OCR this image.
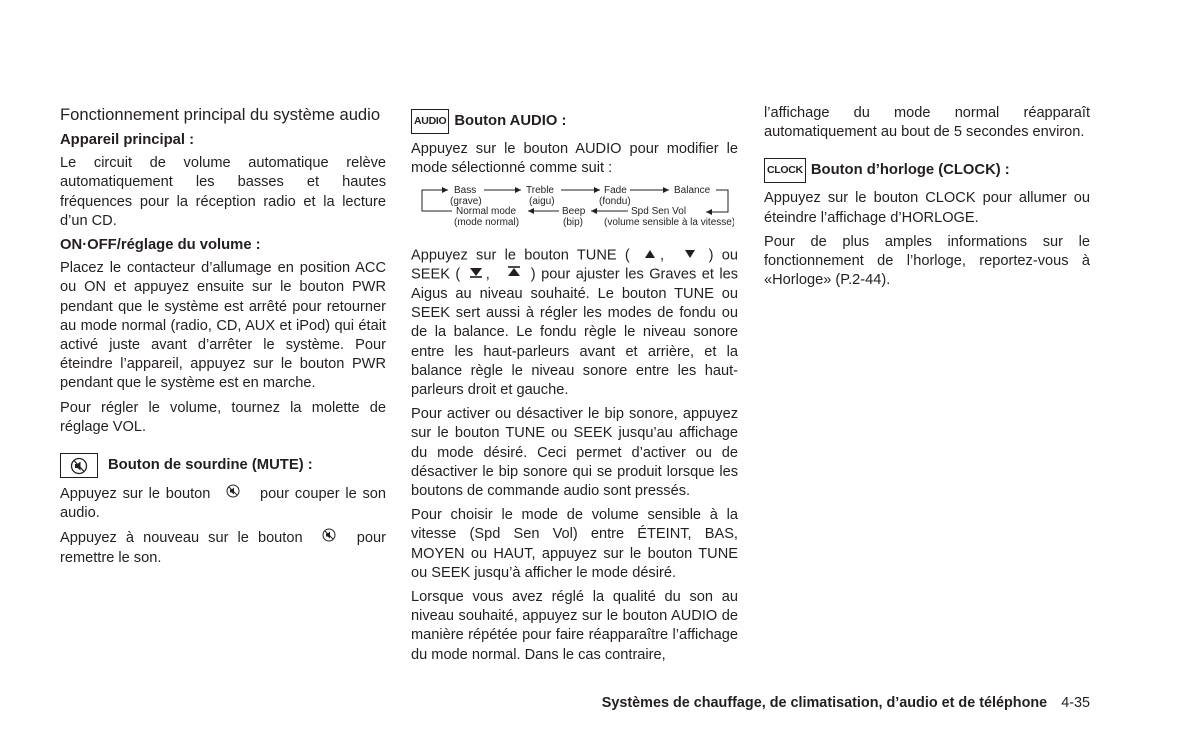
Fonctionnement principal du système audio
Appareil principal :

Le circuit de volume automatique relève automatiquement les basses et hautes fréquences pour la réception radio et la lecture d’un CD.

ON·OFF/réglage du volume :

Placez le contacteur d’allumage en position ACC ou ON et appuyez ensuite sur le bouton PWR pendant que le système est arrêté pour retourner au mode normal (radio, CD, AUX et iPod) qui était activé juste avant d’arrêter le système. Pour éteindre l’appareil, appuyez sur le bouton PWR pendant que le système est en marche.

Pour régler le volume, tournez la molette de réglage VOL.

Bouton de sourdine (MUTE) :

Appuyez sur le bouton	pour couper le son audio.

Appuyez à nouveau sur le bouton	pour remettre le son.

AUDIO Bouton AUDIO :

Appuyez sur le bouton AUDIO pour modifier le mode sélectionné comme suit :

Bass
(grave)
Treble
(aigu)
Fade
(fondu)
Balance
Normal mode
(mode normal)
Beep
(bip)
Spd Sen Vol
(volume sensible à la vitesse)

Appuyez sur le bouton TUNE ( ,	) ou SEEK ( ,	) pour ajuster les Graves et les Aigus au niveau souhaité. Le bouton TUNE ou SEEK sert aussi à régler les modes de fondu ou de la balance. Le fondu règle le niveau sonore entre les haut-parleurs avant et arrière, et la balance règle le niveau sonore entre les haut-parleurs droit et gauche.

Pour activer ou désactiver le bip sonore, appuyez sur le bouton TUNE ou SEEK jusqu’au affichage du mode désiré. Ceci permet d’activer ou de désactiver le bip sonore qui se produit lorsque les boutons de commande audio sont pressés.

Pour choisir le mode de volume sensible à la vitesse (Spd Sen Vol) entre ÉTEINT, BAS, MOYEN ou HAUT, appuyez sur le bouton TUNE ou SEEK jusqu’à afficher le mode désiré.

Lorsque vous avez réglé la qualité du son au niveau souhaité, appuyez sur le bouton AUDIO de manière répétée pour faire réapparaître l’affichage du mode normal. Dans le cas contraire,

l’affichage du mode normal réapparaît automatiquement au bout de 5 secondes environ.

CLOCK Bouton d’horloge (CLOCK) :

Appuyez sur le bouton CLOCK pour allumer ou éteindre l’affichage d’HORLOGE.

Pour de plus amples informations sur le fonctionnement de l’horloge, reportez-vous à «Horloge» (P.2-44).

Systèmes de chauffage, de climatisation, d’audio et de téléphone 4-35
